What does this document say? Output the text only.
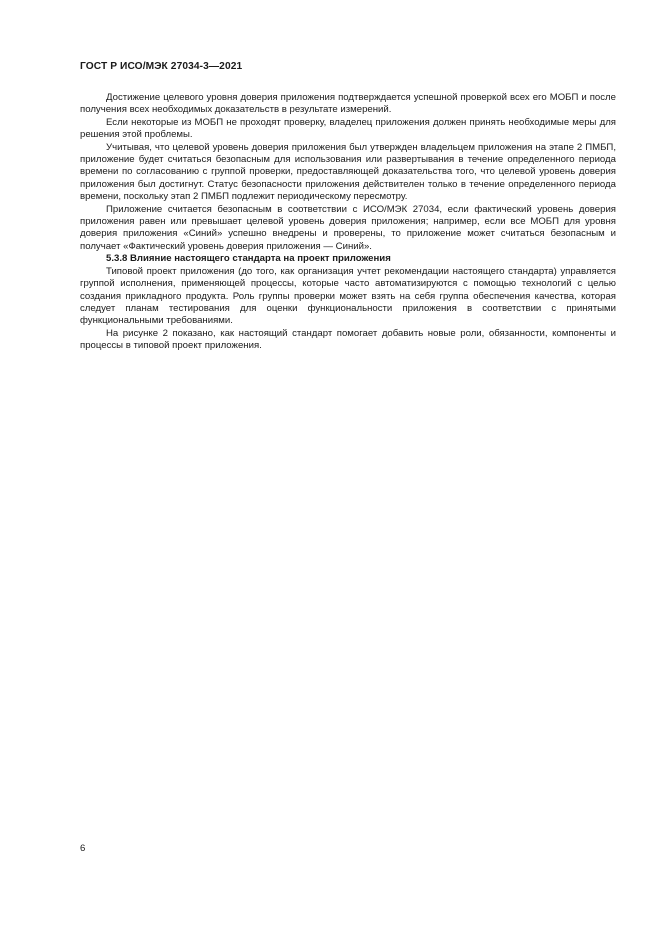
ГОСТ Р ИСО/МЭК 27034-3—2021

Достижение целевого уровня доверия приложения подтверждается успешной проверкой всех его МОБП и после получения всех необходимых доказательств в результате измерений.

Если некоторые из МОБП не проходят проверку, владелец приложения должен принять необходимые меры для решения этой проблемы.

Учитывая, что целевой уровень доверия приложения был утвержден владельцем приложения на этапе 2 ПМБП, приложение будет считаться безопасным для использования или развертывания в течение определенного периода времени по согласованию с группой проверки, предоставляющей доказательства того, что целевой уровень доверия приложения был достигнут. Статус безопасности приложения действителен только в течение определенного периода времени, поскольку этап 2 ПМБП подлежит периодическому пересмотру.

Приложение считается безопасным в соответствии с ИСО/МЭК 27034, если фактический уровень доверия приложения равен или превышает целевой уровень доверия приложения; например, если все МОБП для уровня доверия приложения «Синий» успешно внедрены и проверены, то приложение может считаться безопасным и получает «Фактический уровень доверия приложения — Синий».

5.3.8 Влияние настоящего стандарта на проект приложения

Типовой проект приложения (до того, как организация учтет рекомендации настоящего стандарта) управляется группой исполнения, применяющей процессы, которые часто автоматизируются с помощью технологий с целью создания прикладного продукта. Роль группы проверки может взять на себя группа обеспечения качества, которая следует планам тестирования для оценки функциональности приложения в соответствии с принятыми функциональными требованиями.

На рисунке 2 показано, как настоящий стандарт помогает добавить новые роли, обязанности, компоненты и процессы в типовой проект приложения.

6
